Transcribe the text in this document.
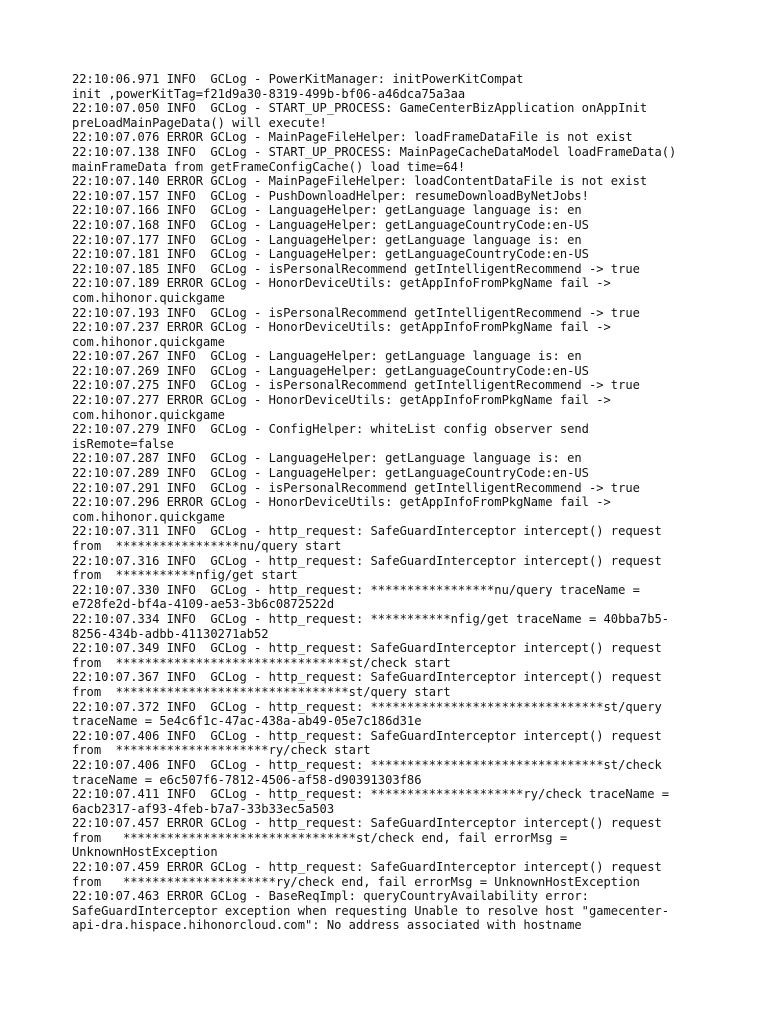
22:10:06.971 INFO  GCLog - PowerKitManager: initPowerKitCompat
init ,powerKitTag=f21d9a30-8319-499b-bf06-a46dca75a3aa
22:10:07.050 INFO  GCLog - START_UP_PROCESS: GameCenterBizApplication onAppInit
preLoadMainPageData() will execute!
22:10:07.076 ERROR GCLog - MainPageFileHelper: loadFrameDataFile is not exist
22:10:07.138 INFO  GCLog - START_UP_PROCESS: MainPageCacheDataModel loadFrameData()
mainFrameData from getFrameConfigCache() load time=64!
22:10:07.140 ERROR GCLog - MainPageFileHelper: loadContentDataFile is not exist
22:10:07.157 INFO  GCLog - PushDownloadHelper: resumeDownloadByNetJobs!
22:10:07.166 INFO  GCLog - LanguageHelper: getLanguage language is: en
22:10:07.168 INFO  GCLog - LanguageHelper: getLanguageCountryCode:en-US
22:10:07.177 INFO  GCLog - LanguageHelper: getLanguage language is: en
22:10:07.181 INFO  GCLog - LanguageHelper: getLanguageCountryCode:en-US
22:10:07.185 INFO  GCLog - isPersonalRecommend getIntelligentRecommend -> true
22:10:07.189 ERROR GCLog - HonorDeviceUtils: getAppInfoFromPkgName fail ->
com.hihonor.quickgame
22:10:07.193 INFO  GCLog - isPersonalRecommend getIntelligentRecommend -> true
22:10:07.237 ERROR GCLog - HonorDeviceUtils: getAppInfoFromPkgName fail ->
com.hihonor.quickgame
22:10:07.267 INFO  GCLog - LanguageHelper: getLanguage language is: en
22:10:07.269 INFO  GCLog - LanguageHelper: getLanguageCountryCode:en-US
22:10:07.275 INFO  GCLog - isPersonalRecommend getIntelligentRecommend -> true
22:10:07.277 ERROR GCLog - HonorDeviceUtils: getAppInfoFromPkgName fail ->
com.hihonor.quickgame
22:10:07.279 INFO  GCLog - ConfigHelper: whiteList config observer send
isRemote=false
22:10:07.287 INFO  GCLog - LanguageHelper: getLanguage language is: en
22:10:07.289 INFO  GCLog - LanguageHelper: getLanguageCountryCode:en-US
22:10:07.291 INFO  GCLog - isPersonalRecommend getIntelligentRecommend -> true
22:10:07.296 ERROR GCLog - HonorDeviceUtils: getAppInfoFromPkgName fail ->
com.hihonor.quickgame
22:10:07.311 INFO  GCLog - http_request: SafeGuardInterceptor intercept() request
from  *****************nu/query start
22:10:07.316 INFO  GCLog - http_request: SafeGuardInterceptor intercept() request
from  ***********nfig/get start
22:10:07.330 INFO  GCLog - http_request: *****************nu/query traceName =
e728fe2d-bf4a-4109-ae53-3b6c0872522d
22:10:07.334 INFO  GCLog - http_request: ***********nfig/get traceName = 40bba7b5-
8256-434b-adbb-41130271ab52
22:10:07.349 INFO  GCLog - http_request: SafeGuardInterceptor intercept() request
from  ********************************st/check start
22:10:07.367 INFO  GCLog - http_request: SafeGuardInterceptor intercept() request
from  ********************************st/query start
22:10:07.372 INFO  GCLog - http_request: ********************************st/query
traceName = 5e4c6f1c-47ac-438a-ab49-05e7c186d31e
22:10:07.406 INFO  GCLog - http_request: SafeGuardInterceptor intercept() request
from  *********************ry/check start
22:10:07.406 INFO  GCLog - http_request: ********************************st/check
traceName = e6c507f6-7812-4506-af58-d90391303f86
22:10:07.411 INFO  GCLog - http_request: *********************ry/check traceName =
6acb2317-af93-4feb-b7a7-33b33ec5a503
22:10:07.457 ERROR GCLog - http_request: SafeGuardInterceptor intercept() request
from   ********************************st/check end, fail errorMsg =
UnknownHostException
22:10:07.459 ERROR GCLog - http_request: SafeGuardInterceptor intercept() request
from   *********************ry/check end, fail errorMsg = UnknownHostException
22:10:07.463 ERROR GCLog - BaseReqImpl: queryCountryAvailability error:
SafeGuardInterceptor exception when requesting Unable to resolve host "gamecenter-
api-dra.hispace.hihonorcloud.com": No address associated with hostname
